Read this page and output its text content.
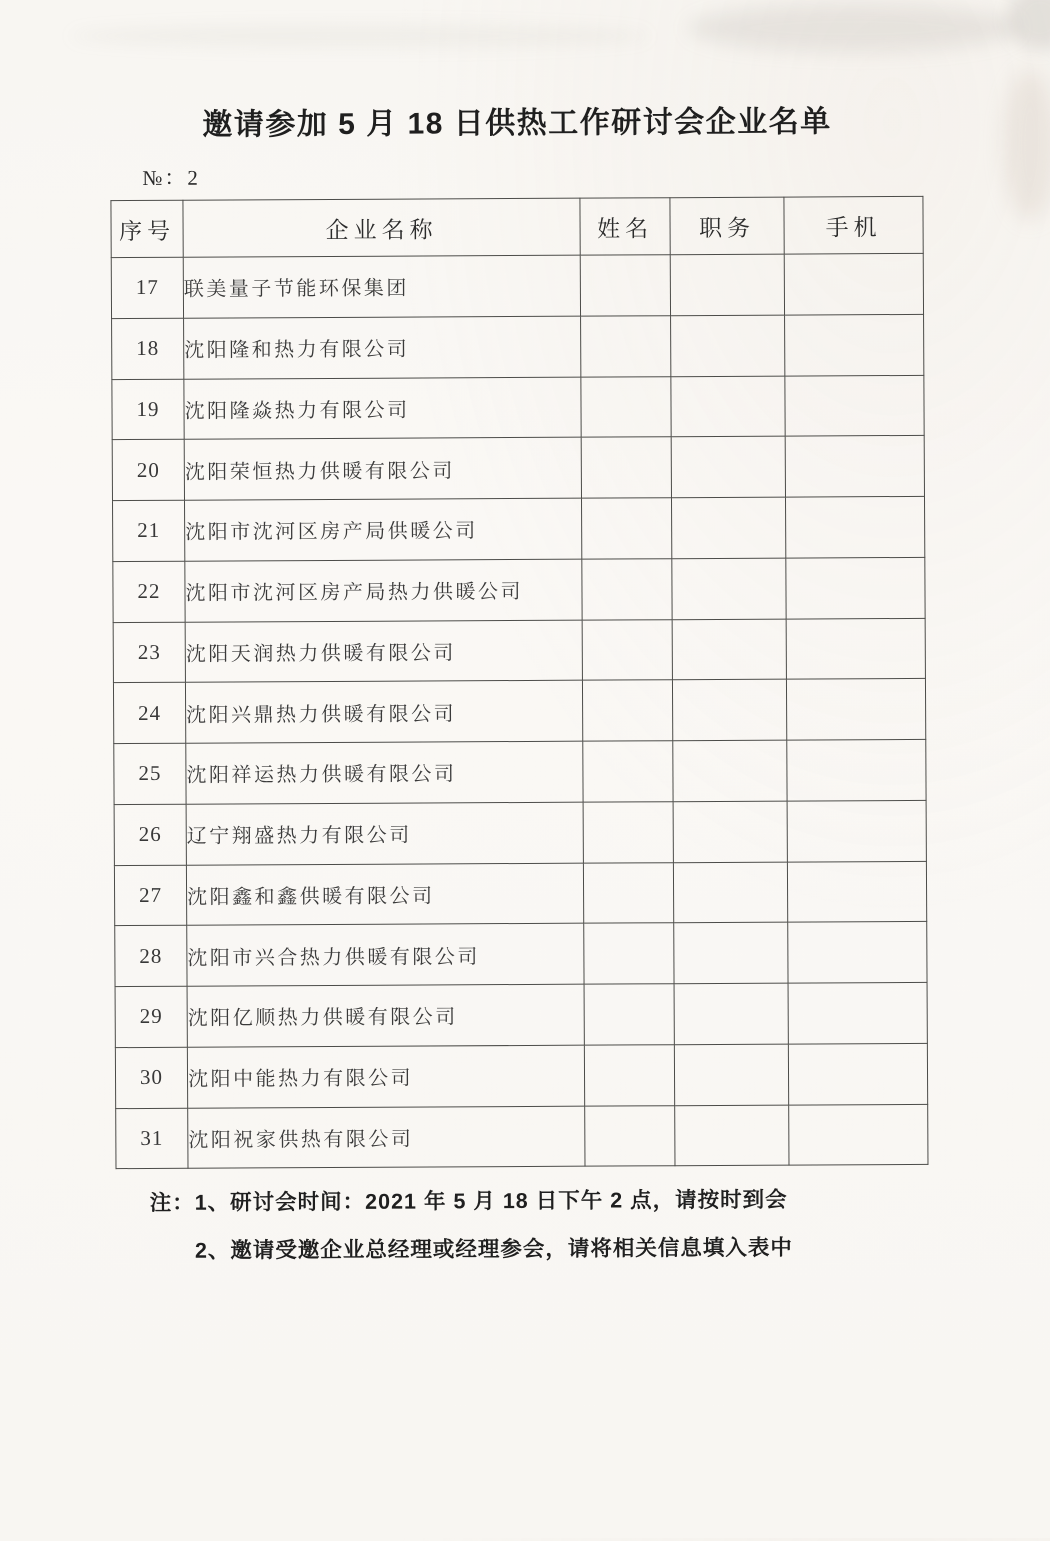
邀请参加 5 月 18 日供热工作研讨会企业名单
№：2
序号	企业名称	姓名	职务	手机
17	联美量子节能环保集团			
18	沈阳隆和热力有限公司			
19	沈阳隆焱热力有限公司			
20	沈阳荣恒热力供暖有限公司			
21	沈阳市沈河区房产局供暖公司			
22	沈阳市沈河区房产局热力供暖公司			
23	沈阳天润热力供暖有限公司			
24	沈阳兴鼎热力供暖有限公司			
25	沈阳祥运热力供暖有限公司			
26	辽宁翔盛热力有限公司			
27	沈阳鑫和鑫供暖有限公司			
28	沈阳市兴合热力供暖有限公司			
29	沈阳亿顺热力供暖有限公司			
30	沈阳中能热力有限公司			
31	沈阳祝家供热有限公司			
注：1、研讨会时间：2021 年 5 月 18 日下午 2 点，请按时到会
2、邀请受邀企业总经理或经理参会，请将相关信息填入表中
